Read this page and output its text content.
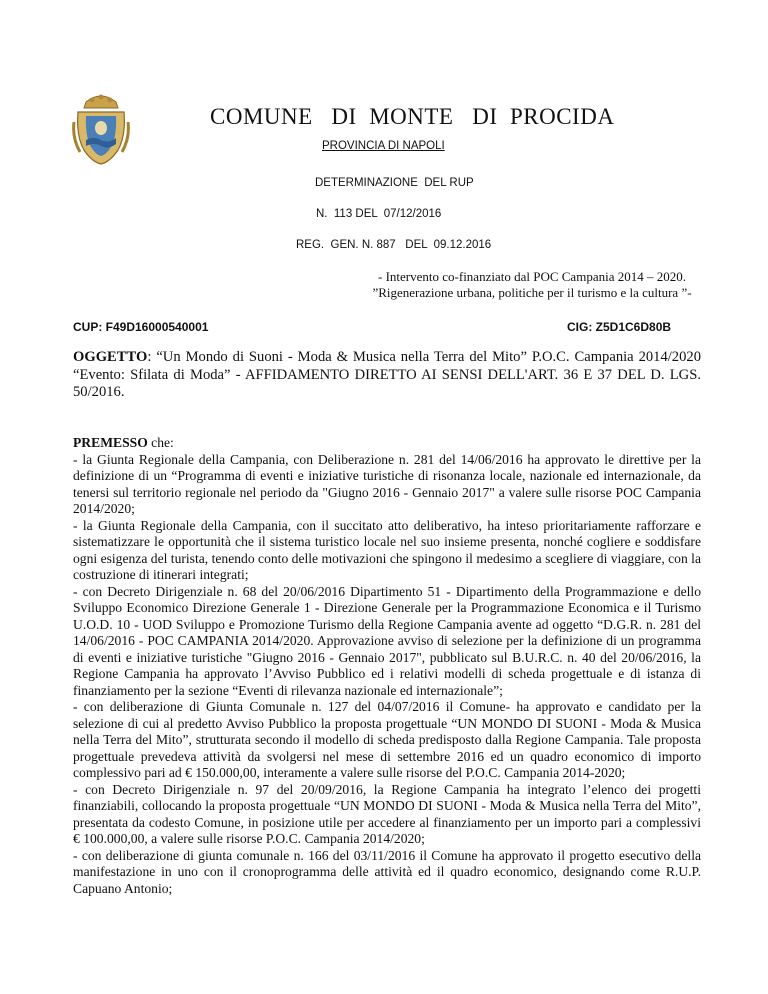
COMUNE   DI  MONTE   DI  PROCIDA
PROVINCIA DI NAPOLI
DETERMINAZIONE  DEL RUP
N.  113 DEL  07/12/2016
REG.  GEN. N. 887   DEL  09.12.2016
- Intervento co-finanziato dal POC Campania 2014 – 2020.
”Rigenerazione urbana, politiche per il turismo e la cultura ”-
CUP: F49D16000540001	CIG: Z5D1C6D80B
OGGETTO: “Un Mondo di Suoni - Moda & Musica nella Terra del Mito” P.O.C. Campania 2014/2020 “Evento: Sfilata di Moda” - AFFIDAMENTO DIRETTO AI SENSI DELL'ART. 36 E 37 DEL D. LGS. 50/2016.

PREMESSO che:

- la Giunta Regionale della Campania, con Deliberazione n. 281 del 14/06/2016 ha approvato le direttive per la definizione di un “Programma di eventi e iniziative turistiche di risonanza locale, nazionale ed internazionale, da tenersi sul territorio regionale nel periodo da "Giugno 2016 - Gennaio 2017" a valere sulle risorse POC Campania 2014/2020;

- la Giunta Regionale della Campania, con il succitato atto deliberativo, ha inteso prioritariamente rafforzare e sistematizzare le opportunità che il sistema turistico locale nel suo insieme presenta, nonché cogliere e soddisfare ogni esigenza del turista, tenendo conto delle motivazioni che spingono il medesimo a scegliere di viaggiare, con la costruzione di itinerari integrati;

- con Decreto Dirigenziale n. 68 del 20/06/2016 Dipartimento 51 - Dipartimento della Programmazione e dello Sviluppo Economico Direzione Generale 1 - Direzione Generale per la Programmazione Economica e il Turismo U.O.D. 10 - UOD Sviluppo e Promozione Turismo della Regione Campania avente ad oggetto “D.G.R. n. 281 del 14/06/2016 - POC CAMPANIA 2014/2020. Approvazione avviso di selezione per la definizione di un programma di eventi e iniziative turistiche "Giugno 2016 - Gennaio 2017", pubblicato sul B.U.R.C. n. 40 del 20/06/2016, la Regione Campania ha approvato l’Avviso Pubblico ed i relativi modelli di scheda progettuale e di istanza di finanziamento per la sezione “Eventi di rilevanza nazionale ed internazionale”;

- con deliberazione di Giunta Comunale n. 127 del 04/07/2016 il Comune- ha approvato e candidato per la selezione di cui al predetto Avviso Pubblico la proposta progettuale “UN MONDO DI SUONI - Moda & Musica nella Terra del Mito”, strutturata secondo il modello di scheda predisposto dalla Regione Campania. Tale proposta progettuale prevedeva attività da svolgersi nel mese di settembre 2016 ed un quadro economico di importo complessivo pari ad € 150.000,00, interamente a valere sulle risorse del P.O.C. Campania 2014-2020;

- con Decreto Dirigenziale n. 97 del 20/09/2016, la Regione Campania ha integrato l’elenco dei progetti finanziabili, collocando la proposta progettuale “UN MONDO DI SUONI - Moda & Musica nella Terra del Mito”, presentata da codesto Comune, in posizione utile per accedere al finanziamento per un importo pari a complessivi € 100.000,00, a valere sulle risorse P.O.C. Campania 2014/2020;

- con deliberazione di giunta comunale n. 166 del 03/11/2016 il Comune ha approvato il progetto esecutivo della manifestazione in uno con il cronoprogramma delle attività ed il quadro economico, designando come R.U.P. Capuano Antonio;
